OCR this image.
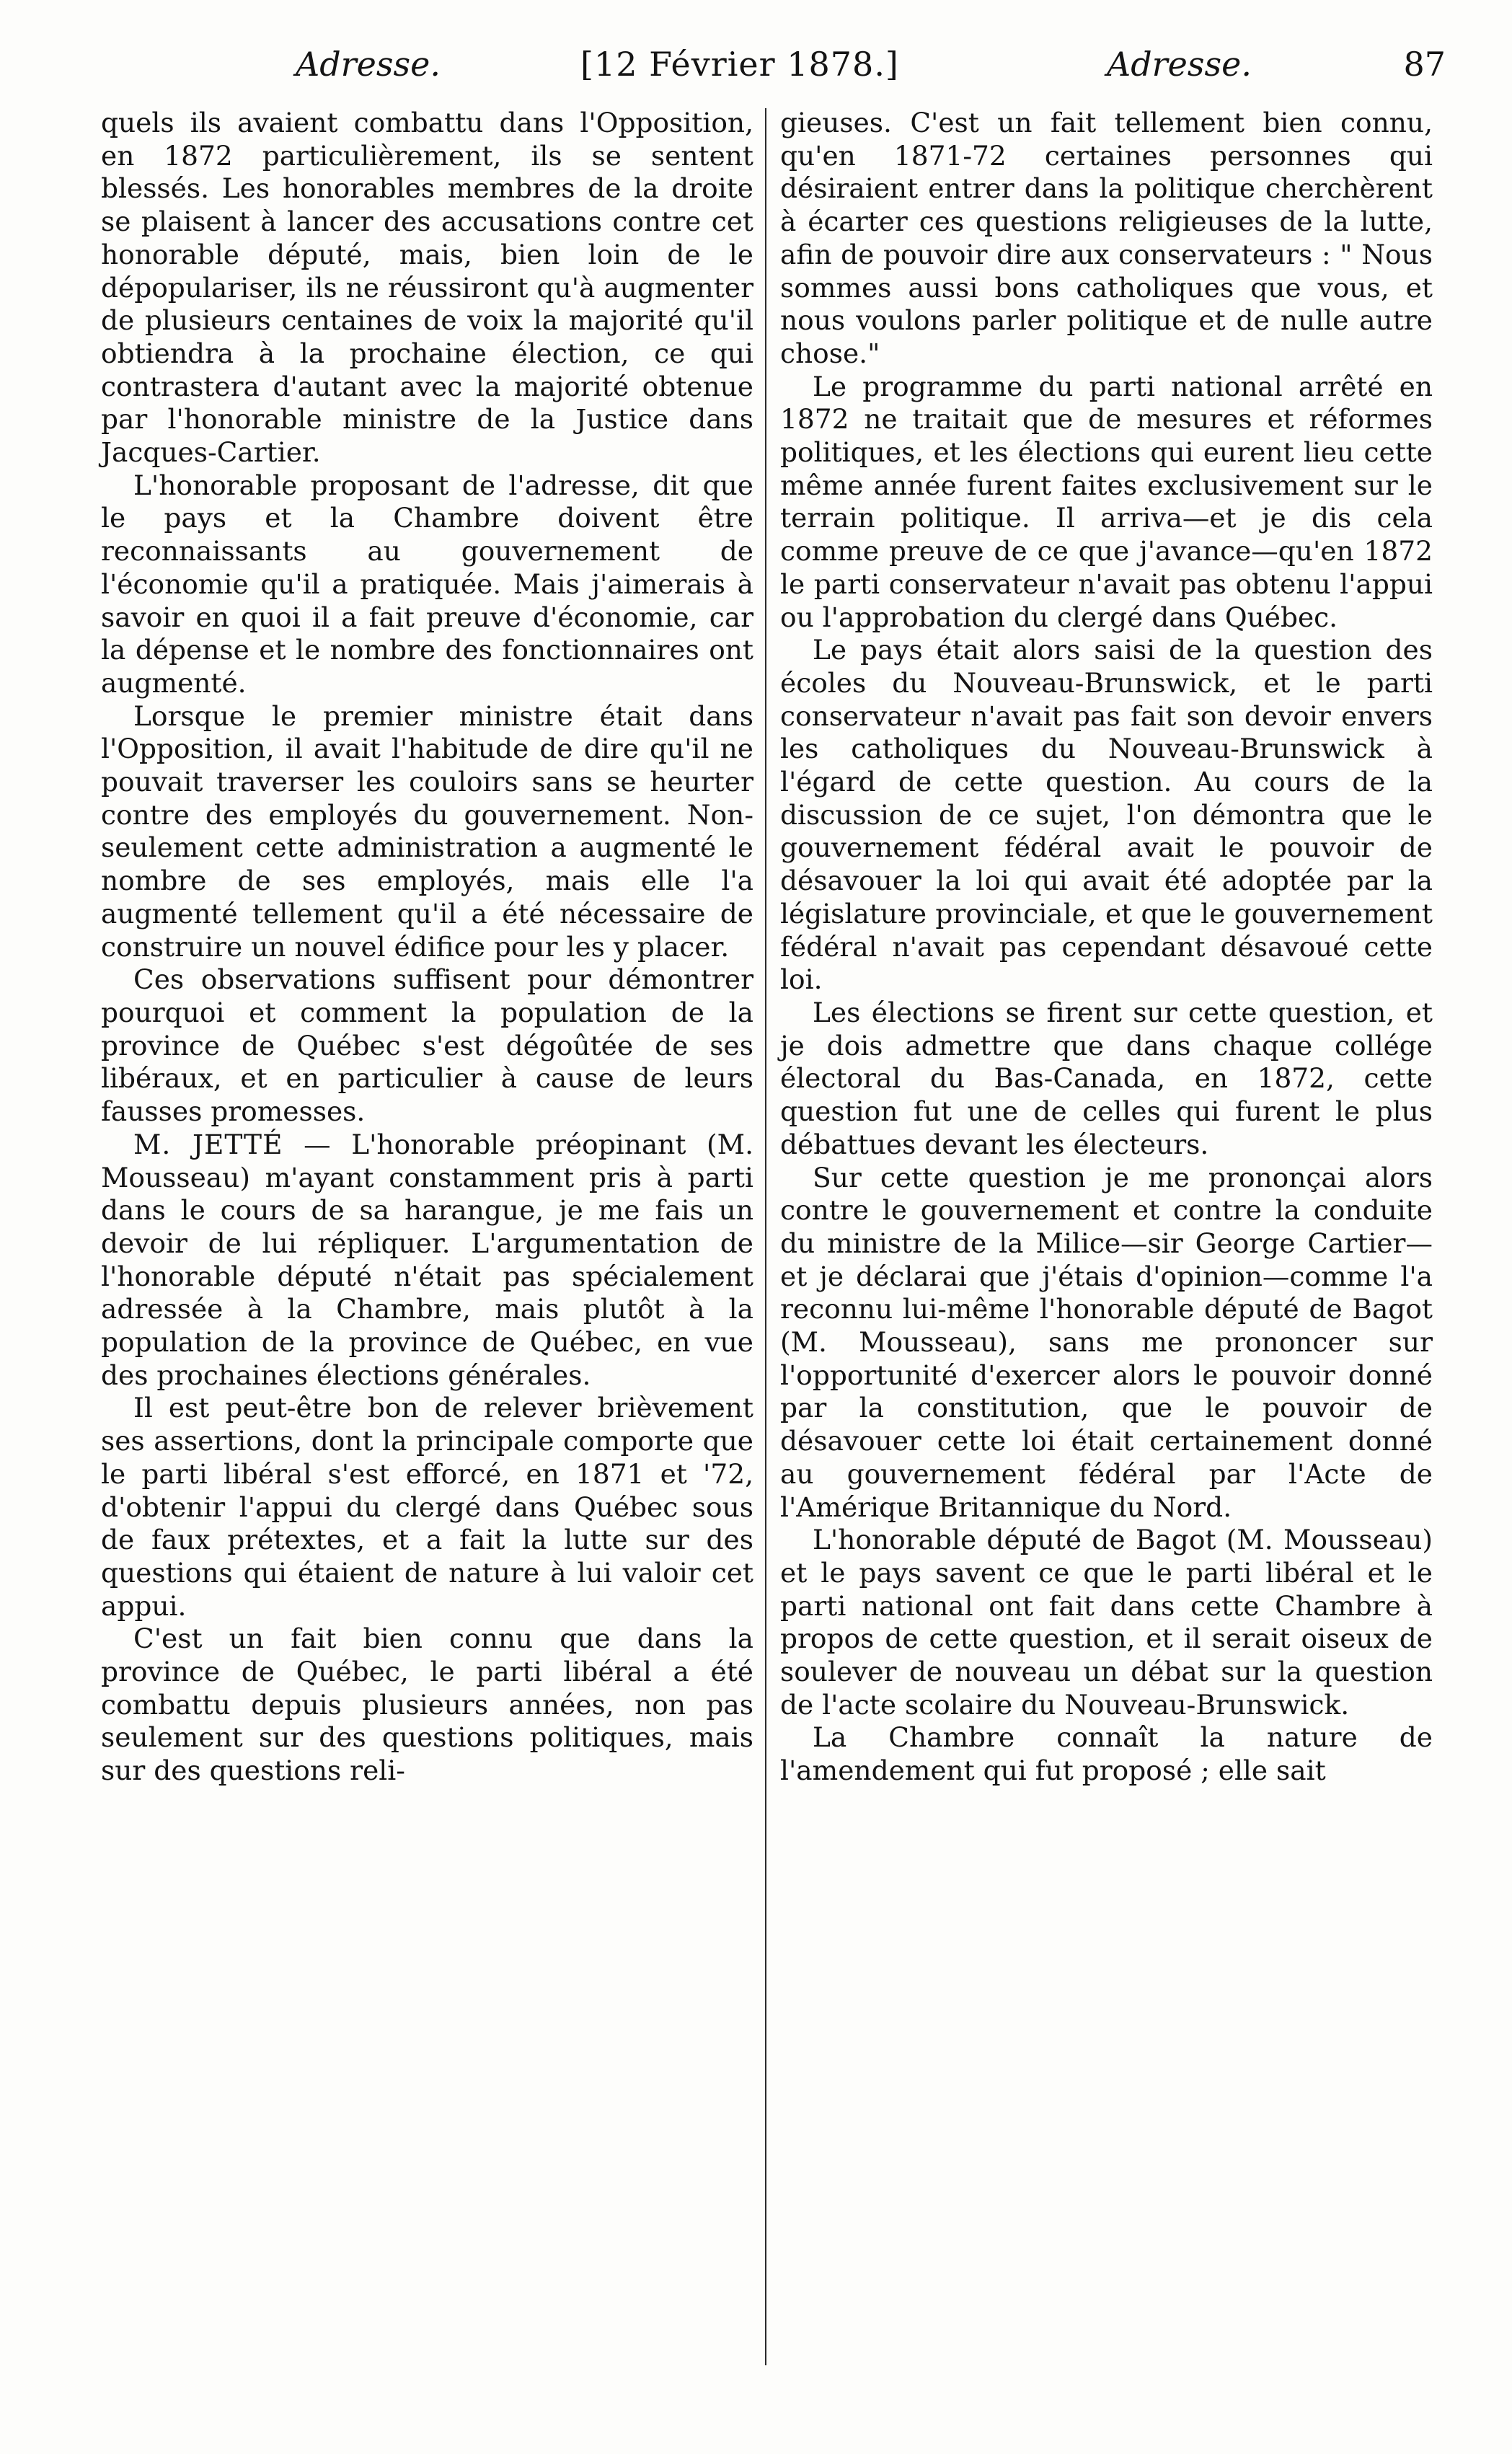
Adresse.	[12 Février 1878.]	Adresse.	87

quels ils avaient combattu dans l'Opposition, en 1872 particulièrement, ils se sentent blessés. Les honorables membres de la droite se plaisent à lancer des accusations contre cet honorable député, mais, bien loin de le dépopulariser, ils ne réussiront qu'à augmenter de plusieurs centaines de voix la majorité qu'il obtiendra à la prochaine élection, ce qui contrastera d'autant avec la majorité obtenue par l'honorable ministre de la Justice dans Jacques-Cartier.

L'honorable proposant de l'adresse, dit que le pays et la Chambre doivent être reconnaissants au gouvernement de l'économie qu'il a pratiquée. Mais j'aimerais à savoir en quoi il a fait preuve d'économie, car la dépense et le nombre des fonctionnaires ont augmenté.

Lorsque le premier ministre était dans l'Opposition, il avait l'habitude de dire qu'il ne pouvait traverser les couloirs sans se heurter contre des employés du gouvernement. Non-seulement cette administration a augmenté le nombre de ses employés, mais elle l'a augmenté tellement qu'il a été nécessaire de construire un nouvel édifice pour les y placer.

Ces observations suffisent pour démontrer pourquoi et comment la population de la province de Québec s'est dégoûtée de ses libéraux, et en particulier à cause de leurs fausses promesses.

M. JETTÉ — L'honorable préopinant (M. Mousseau) m'ayant constamment pris à parti dans le cours de sa harangue, je me fais un devoir de lui répliquer. L'argumentation de l'honorable député n'était pas spécialement adressée à la Chambre, mais plutôt à la population de la province de Québec, en vue des prochaines élections générales.

Il est peut-être bon de relever brièvement ses assertions, dont la principale comporte que le parti libéral s'est efforcé, en 1871 et '72, d'obtenir l'appui du clergé dans Québec sous de faux prétextes, et a fait la lutte sur des questions qui étaient de nature à lui valoir cet appui.

C'est un fait bien connu que dans la province de Québec, le parti libéral a été combattu depuis plusieurs années, non pas seulement sur des questions politiques, mais sur des questions reli-

gieuses. C'est un fait tellement bien connu, qu'en 1871-72 certaines personnes qui désiraient entrer dans la politique cherchèrent à écarter ces questions religieuses de la lutte, afin de pouvoir dire aux conservateurs : " Nous sommes aussi bons catholiques que vous, et nous voulons parler politique et de nulle autre chose."

Le programme du parti national arrêté en 1872 ne traitait que de mesures et réformes politiques, et les élections qui eurent lieu cette même année furent faites exclusivement sur le terrain politique. Il arriva—et je dis cela comme preuve de ce que j'avance—qu'en 1872 le parti conservateur n'avait pas obtenu l'appui ou l'approbation du clergé dans Québec.

Le pays était alors saisi de la question des écoles du Nouveau-Brunswick, et le parti conservateur n'avait pas fait son devoir envers les catholiques du Nouveau-Brunswick à l'égard de cette question. Au cours de la discussion de ce sujet, l'on démontra que le gouvernement fédéral avait le pouvoir de désavouer la loi qui avait été adoptée par la législature provinciale, et que le gouvernement fédéral n'avait pas cependant désavoué cette loi.

Les élections se firent sur cette question, et je dois admettre que dans chaque collége électoral du Bas-Canada, en 1872, cette question fut une de celles qui furent le plus débattues devant les électeurs.

Sur cette question je me prononçai alors contre le gouvernement et contre la conduite du ministre de la Milice—sir George Cartier—et je déclarai que j'étais d'opinion—comme l'a reconnu lui-même l'honorable député de Bagot (M. Mousseau), sans me prononcer sur l'opportunité d'exercer alors le pouvoir donné par la constitution, que le pouvoir de désavouer cette loi était certainement donné au gouvernement fédéral par l'Acte de l'Amérique Britannique du Nord.

L'honorable député de Bagot (M. Mousseau) et le pays savent ce que le parti libéral et le parti national ont fait dans cette Chambre à propos de cette question, et il serait oiseux de soulever de nouveau un débat sur la question de l'acte scolaire du Nouveau-Brunswick.

La Chambre connaît la nature de l'amendement qui fut proposé ; elle sait
